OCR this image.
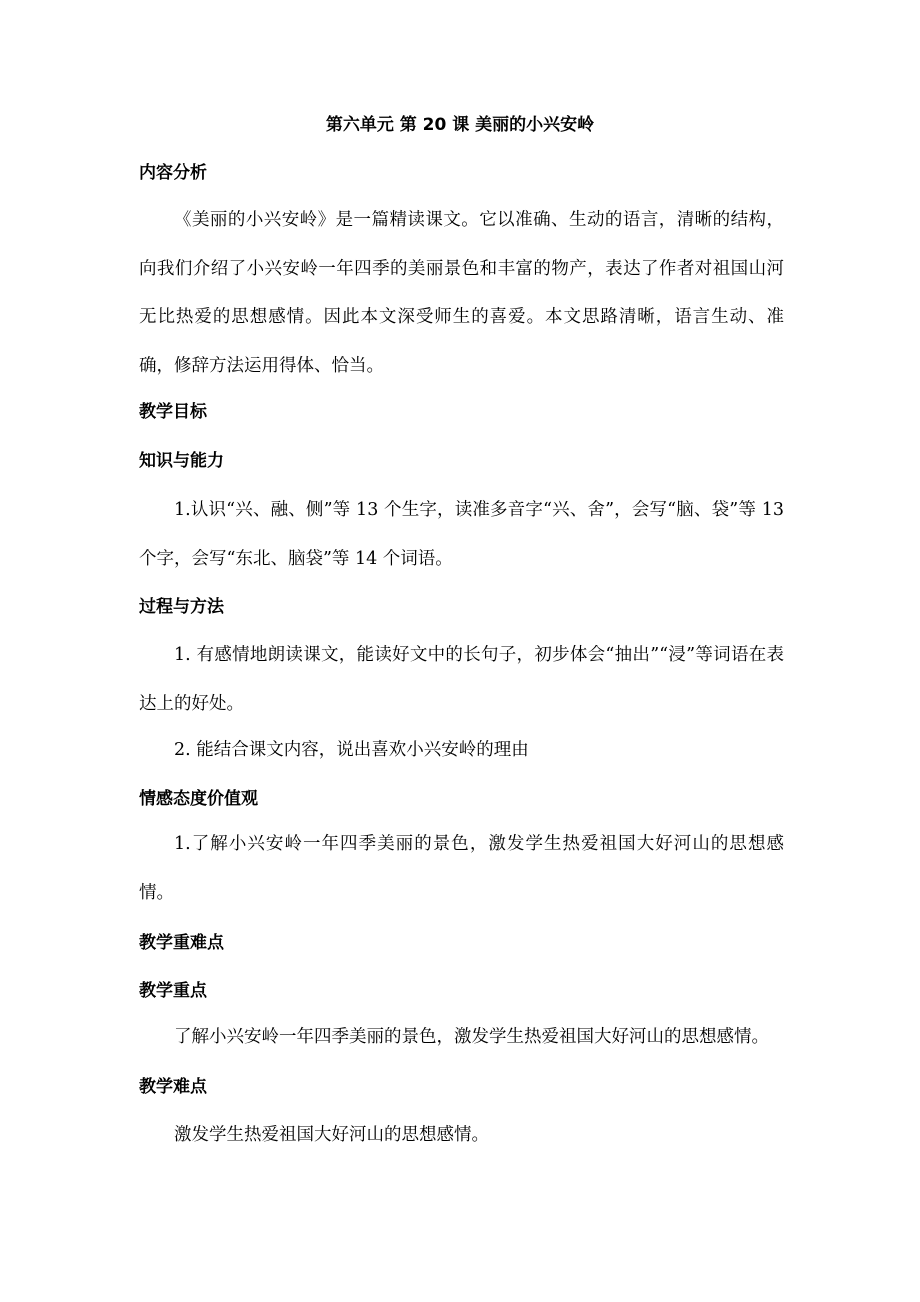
第六单元 第 20 课 美丽的小兴安岭
内容分析
《美丽的小兴安岭》是一篇精读课文。它以准确、生动的语言，清晰的结构，向我们介绍了小兴安岭一年四季的美丽景色和丰富的物产，表达了作者对祖国山河无比热爱的思想感情。因此本文深受师生的喜爱。本文思路清晰，语言生动、准确，修辞方法运用得体、恰当。
教学目标
知识与能力
1.认识“兴、融、侧”等 13 个生字，读准多音字“兴、舍”，会写“脑、袋”等 13 个字，会写“东北、脑袋”等 14 个词语。
过程与方法
1. 有感情地朗读课文，能读好文中的长句子，初步体会“抽出”“浸”等词语在表达上的好处。
2. 能结合课文内容，说出喜欢小兴安岭的理由
情感态度价值观
1.了解小兴安岭一年四季美丽的景色，激发学生热爱祖国大好河山的思想感情。
教学重难点
教学重点
了解小兴安岭一年四季美丽的景色，激发学生热爱祖国大好河山的思想感情。
教学难点
激发学生热爱祖国大好河山的思想感情。
